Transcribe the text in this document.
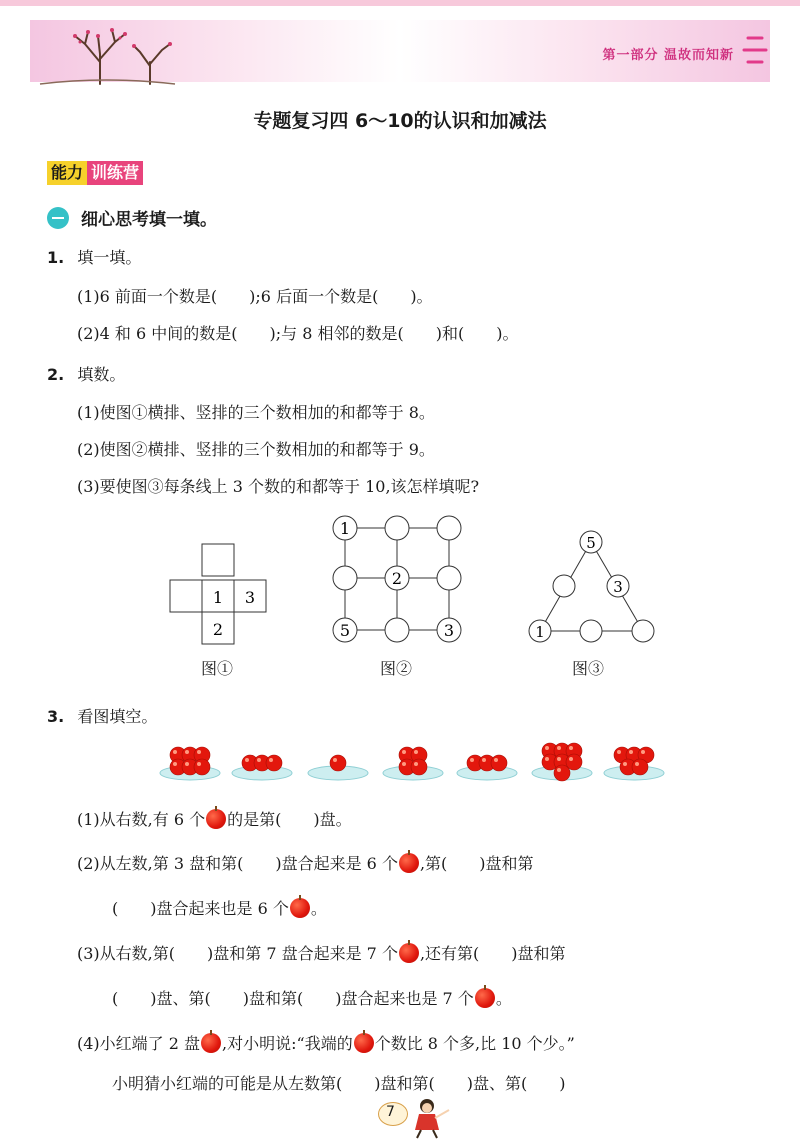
第一部分 温故而知新
专题复习四 6～10的认识和加减法
能力 训练营
细心思考填一填。
1. 填一填。
(1)6 前面一个数是(　　);6 后面一个数是(　　)。
(2)4 和 6 中间的数是(　　);与 8 相邻的数是(　　)和(　　)。
2. 填数。
(1)使图①横排、竖排的三个数相加的和都等于 8。
(2)使图②横排、竖排的三个数相加的和都等于 9。
(3)要使图③每条线上 3 个数的和都等于 10,该怎样填呢?
1 3
2
图①
1
2
5	3
图②
5
3
1
图③
3. 看图填空。
(1)从右数,有 6 个 的是第(　　)盘。
(2)从左数,第 3 盘和第(　　)盘合起来是 6 个 ,第(　　)盘和第
(　　)盘合起来也是 6 个 。
(3)从右数,第(　　)盘和第 7 盘合起来是 7 个 ,还有第(　　)盘和第
(　　)盘、第(　　)盘和第(　　)盘合起来也是 7 个 。
(4)小红端了 2 盘 ,对小明说:“我端的 个数比 8 个多,比 10 个少。”
小明猜小红端的可能是从左数第(　　)盘和第(　　)盘、第(　　)
7
